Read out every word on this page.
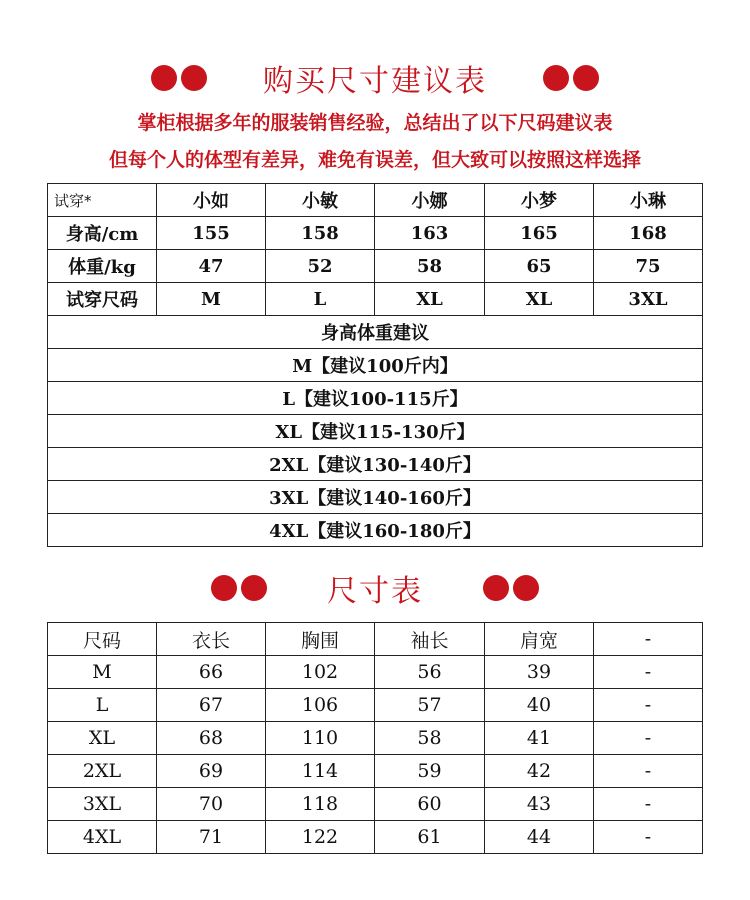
购买尺寸建议表
掌柜根据多年的服装销售经验，总结出了以下尺码建议表
但每个人的体型有差异，难免有误差，但大致可以按照这样选择
试穿*	小如	小敏	小娜	小梦	小琳
身高/cm	155	158	163	165	168
体重/kg	47	52	58	65	75
试穿尺码	M	L	XL	XL	3XL
身高体重建议					
M【建议100斤内】					
L【建议100-115斤】					
XL【建议115-130斤】					
2XL【建议130-140斤】					
3XL【建议140-160斤】					
4XL【建议160-180斤】					
尺寸表
尺码	衣长	胸围	袖长	肩宽	-
M	66	102	56	39	-
L	67	106	57	40	-
XL	68	110	58	41	-
2XL	69	114	59	42	-
3XL	70	118	60	43	-
4XL	71	122	61	44	-
